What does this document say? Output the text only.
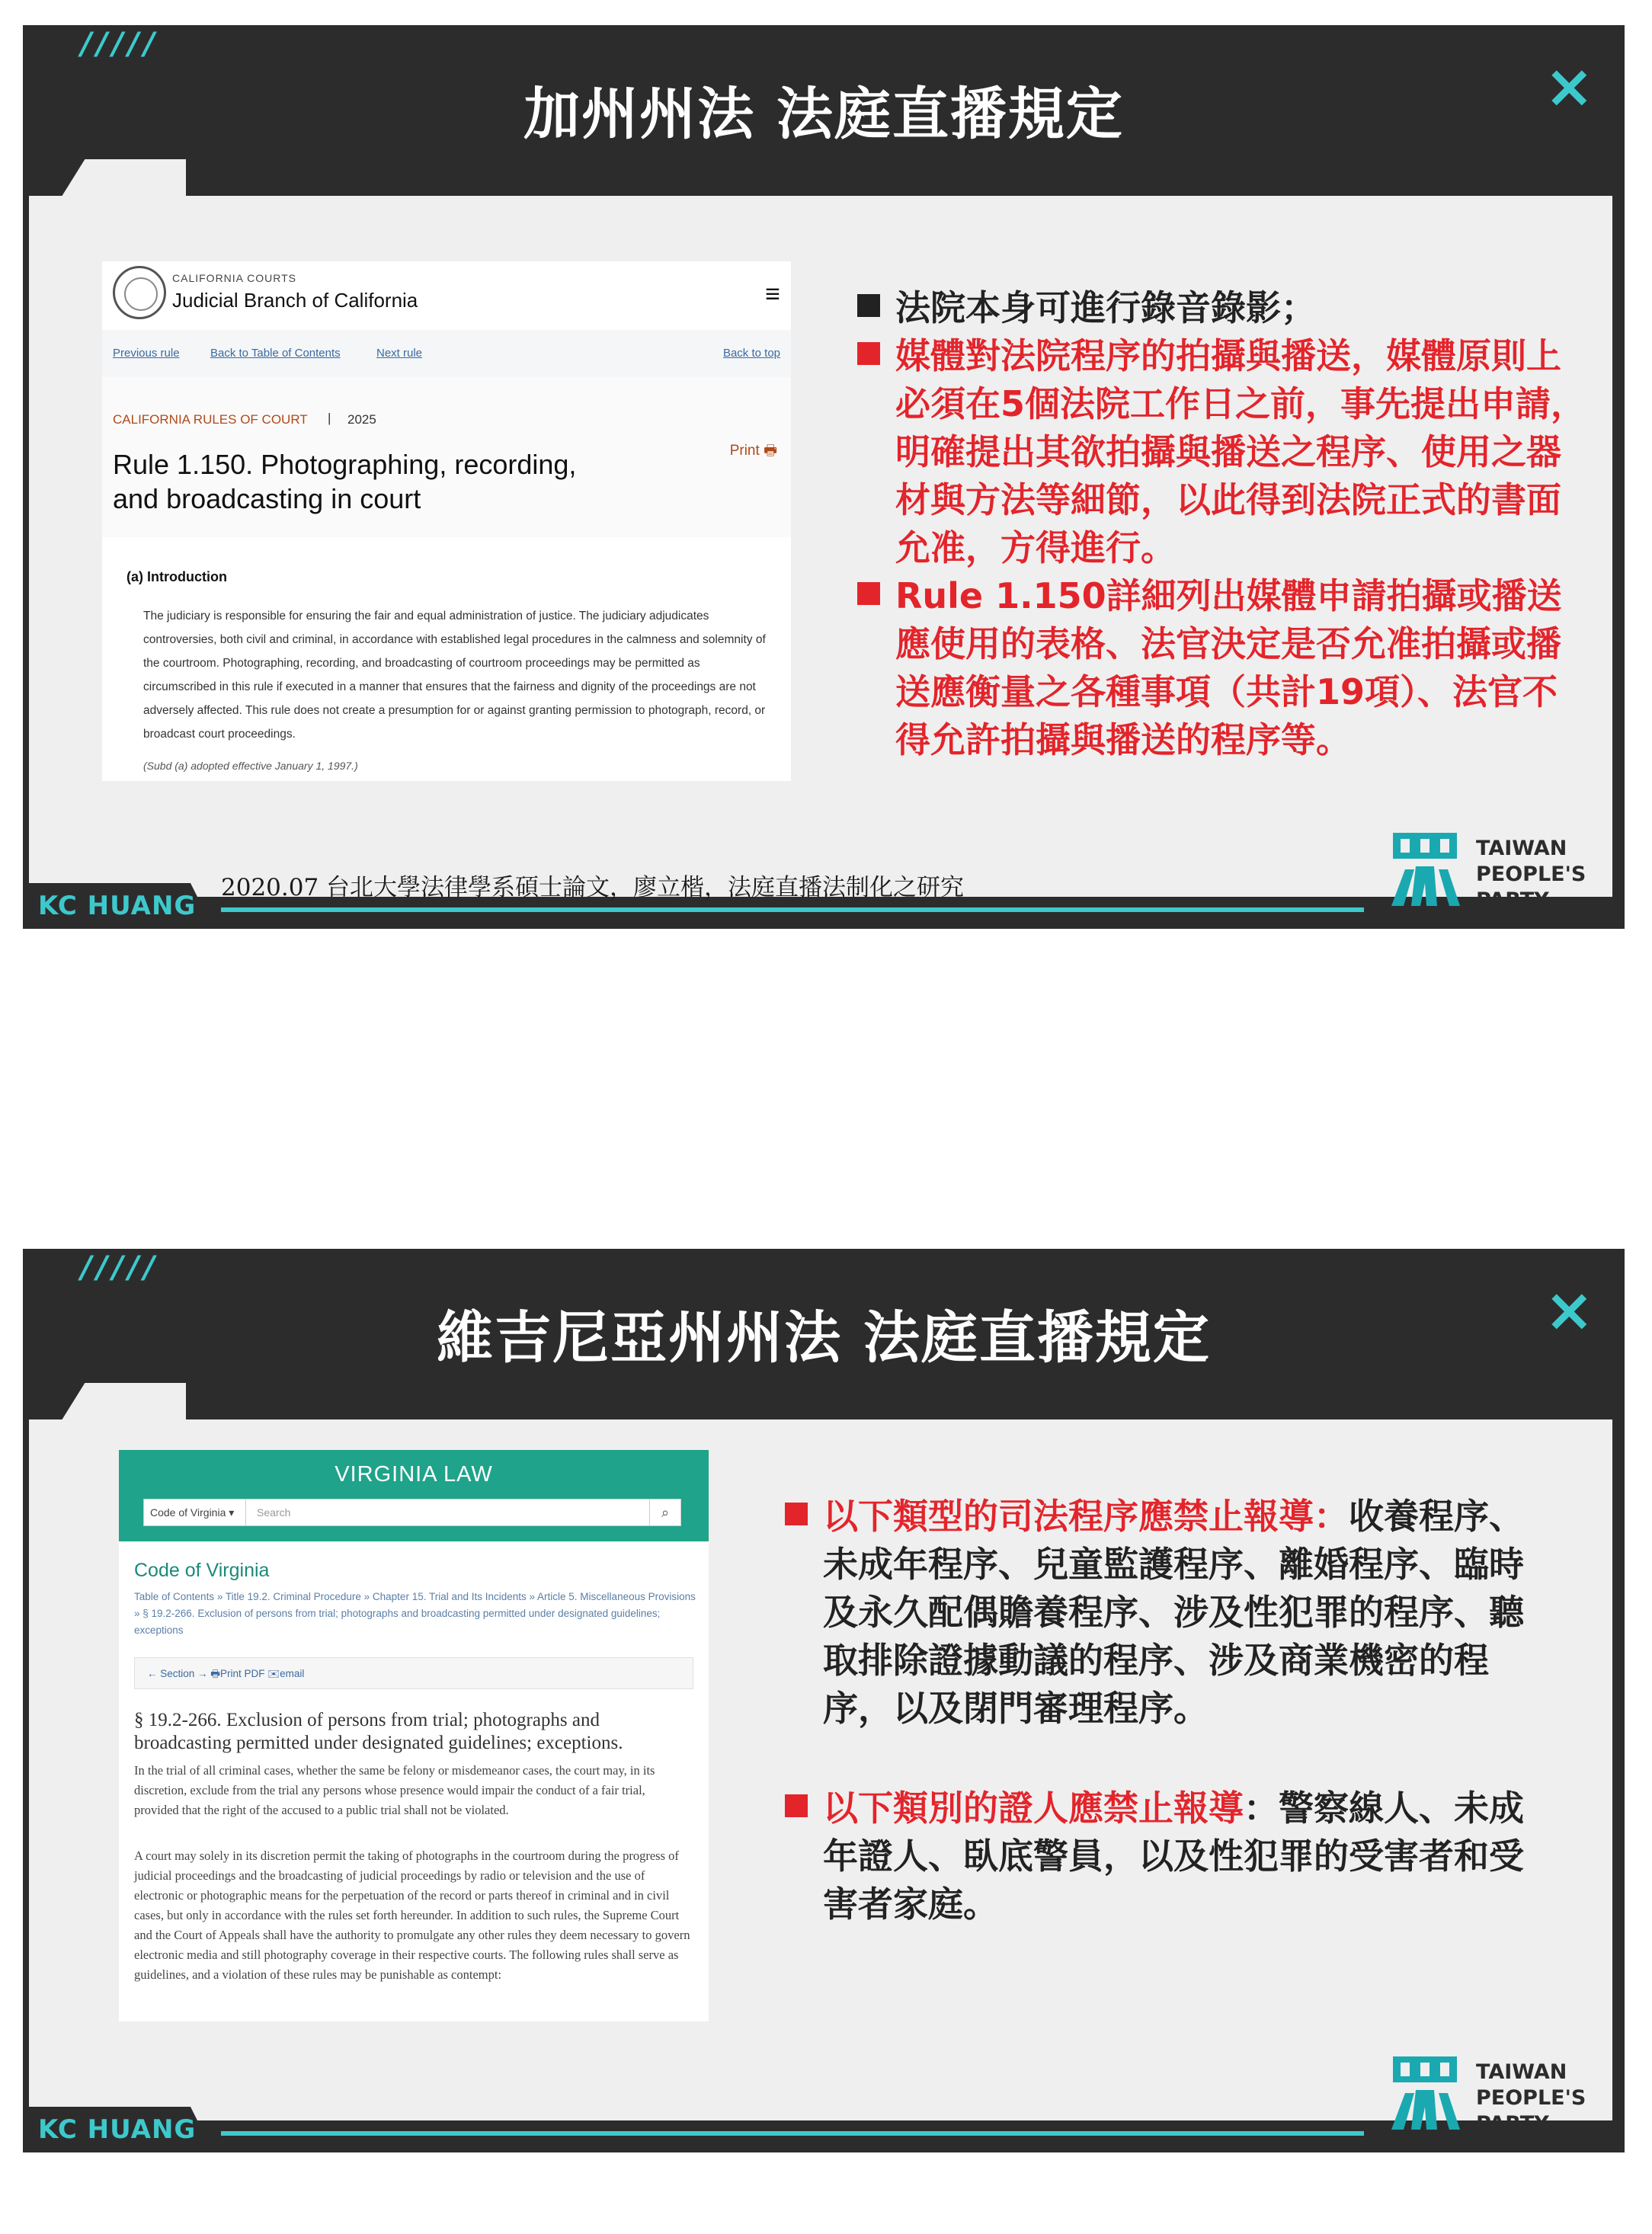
/////
加州州法 法庭直播規定	×
CALIFORNIA COURTS
Judicial Branch of California	≡
Previous rule	Back to Table of Contents	Next rule	Back to top
CALIFORNIA RULES OF COURT | 2025
Rule 1.150. Photographing, recording, and broadcasting in court
Print 🖶
(a) Introduction
The judiciary is responsible for ensuring the fair and equal administration of justice. The judiciary adjudicates controversies, both civil and criminal, in accordance with established legal procedures in the calmness and solemnity of the courtroom. Photographing, recording, and broadcasting of courtroom proceedings may be permitted as circumscribed in this rule if executed in a manner that ensures that the fairness and dignity of the proceedings are not adversely affected. This rule does not create a presumption for or against granting permission to photograph, record, or broadcast court proceedings.
(Subd (a) adopted effective January 1, 1997.)
法院本身可進行錄音錄影；
媒體對法院程序的拍攝與播送，媒體原則上必須在5個法院工作日之前，事先提出申請，明確提出其欲拍攝與播送之程序、使用之器材與方法等細節，以此得到法院正式的書面允准，方得進行。
Rule 1.150詳細列出媒體申請拍攝或播送應使用的表格、法官決定是否允准拍攝或播送應衡量之各種事項（共計19項）、法官不得允許拍攝與播送的程序等。
2020.07 台北大學法律學系碩士論文，廖立楷，法庭直播法制化之研究
KC HUANG
TAIWAN
PEOPLE'S
PARTY
/////
維吉尼亞州州法 法庭直播規定	×
VIRGINIA LAW
Code of Virginia ▾	Search	⌕
Code of Virginia
Table of Contents » Title 19.2. Criminal Procedure » Chapter 15. Trial and Its Incidents » Article 5. Miscellaneous Provisions » § 19.2-266. Exclusion of persons from trial; photographs and broadcasting permitted under designated guidelines; exceptions
← Section → 🖶Print PDF ✉email
§ 19.2-266. Exclusion of persons from trial; photographs and broadcasting permitted under designated guidelines; exceptions.
In the trial of all criminal cases, whether the same be felony or misdemeanor cases, the court may, in its discretion, exclude from the trial any persons whose presence would impair the conduct of a fair trial, provided that the right of the accused to a public trial shall not be violated.
A court may solely in its discretion permit the taking of photographs in the courtroom during the progress of judicial proceedings and the broadcasting of judicial proceedings by radio or television and the use of electronic or photographic means for the perpetuation of the record or parts thereof in criminal and in civil cases, but only in accordance with the rules set forth hereunder. In addition to such rules, the Supreme Court and the Court of Appeals shall have the authority to promulgate any other rules they deem necessary to govern electronic media and still photography coverage in their respective courts. The following rules shall serve as guidelines, and a violation of these rules may be punishable as contempt:
以下類型的司法程序應禁止報導：收養程序、未成年程序、兒童監護程序、離婚程序、臨時及永久配偶贍養程序、涉及性犯罪的程序、聽取排除證據動議的程序、涉及商業機密的程序，以及閉門審理程序。
以下類別的證人應禁止報導：警察線人、未成年證人、臥底警員，以及性犯罪的受害者和受害者家庭。
KC HUANG
TAIWAN
PEOPLE'S
PARTY
